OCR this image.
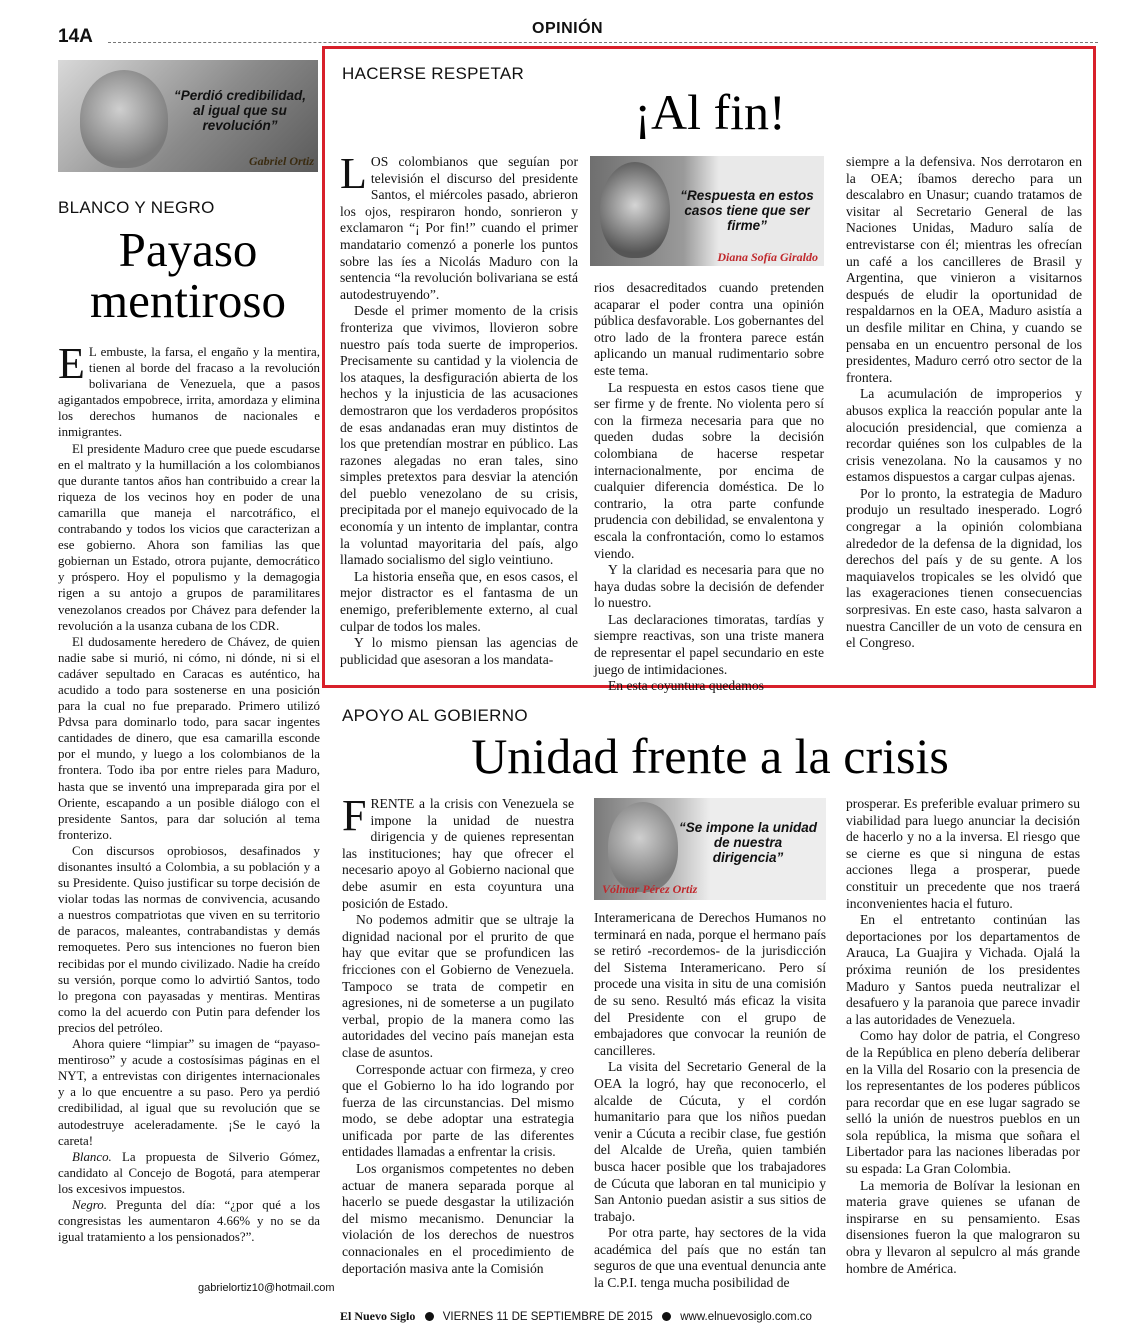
14A	OPINIÓN
“Perdió credibilidad, al igual que su revolución”
Gabriel Ortiz
BLANCO Y NEGRO
Payaso mentiroso
E L embuste, la farsa, el engaño y la mentira, tienen al borde del fracaso a la revolución bolivariana de Venezuela, que a pasos agigantados empobrece, irrita, amordaza y elimina los derechos humanos de nacionales e inmigrantes.

El presidente Maduro cree que puede escudarse en el maltrato y la humillación a los colombianos que durante tantos años han contribuido a crear la riqueza de los vecinos hoy en poder de una camarilla que maneja el narcotráfico, el contrabando y todos los vicios que caracterizan a ese gobierno. Ahora son familias las que gobiernan un Estado, otrora pujante, democrático y próspero. Hoy el populismo y la demagogia rigen a su antojo a grupos de paramilitares venezolanos creados por Chávez para defender la revolución a la usanza cubana de los CDR.

El dudosamente heredero de Chávez, de quien nadie sabe si murió, ni cómo, ni dónde, ni si el cadáver sepultado en Caracas es auténtico, ha acudido a todo para sostenerse en una posición para la cual no fue preparado. Primero utilizó Pdvsa para dominarlo todo, para sacar ingentes cantidades de dinero, que esa camarilla esconde por el mundo, y luego a los colombianos de la frontera. Todo iba por entre rieles para Maduro, hasta que se inventó una impreparada gira por el Oriente, escapando a un posible diálogo con el presidente Santos, para dar solución al tema fronterizo.

Con discursos oprobiosos, desafinados y disonantes insultó a Colombia, a su población y a su Presidente. Quiso justificar su torpe decisión de violar todas las normas de convivencia, acusando a nuestros compatriotas que viven en su territorio de paracos, maleantes, contrabandistas y demás remoquetes. Pero sus intenciones no fueron bien recibidas por el mundo civilizado. Nadie ha creído su versión, porque como lo advirtió Santos, todo lo pregona con payasadas y mentiras. Mentiras como la del acuerdo con Putin para defender los precios del petróleo.

Ahora quiere “limpiar” su imagen de “payaso-mentiroso” y acude a costosísimas páginas en el NYT, a entrevistas con dirigentes internacionales y a lo que encuentre a su paso. Pero ya perdió credibilidad, al igual que su revolución que se autodestruye aceleradamente. ¡Se le cayó la careta!

Blanco. La propuesta de Silverio Gómez, candidato al Concejo de Bogotá, para atemperar los excesivos impuestos.

Negro. Pregunta del día: “¿por qué a los congresistas les aumentaron 4.66% y no se da igual tratamiento a los pensionados?”.

gabrielortiz10@hotmail.com
HACERSE RESPETAR
¡Al fin!
“Respuesta en estos casos tiene que ser firme”
Diana Sofía Giraldo
L OS colombianos que seguían por televisión el discurso del presidente Santos, el miércoles pasado, abrieron los ojos, respiraron hondo, sonrieron y exclamaron “¡ Por fin!” cuando el primer mandatario comenzó a ponerle los puntos sobre las íes a Nicolás Maduro con la sentencia “la revolución bolivariana se está autodestruyendo”.

Desde el primer momento de la crisis fronteriza que vivimos, llovieron sobre nuestro país toda suerte de improperios. Precisamente su cantidad y la violencia de los ataques, la desfiguración abierta de los hechos y la injusticia de las acusaciones demostraron que los verdaderos propósitos de esas andanadas eran muy distintos de los que pretendían mostrar en público. Las razones alegadas no eran tales, sino simples pretextos para desviar la atención del pueblo venezolano de su crisis, precipitada por el manejo equivocado de la economía y un intento de implantar, contra la voluntad mayoritaria del país, algo llamado socialismo del siglo veintiuno.

La historia enseña que, en esos casos, el mejor distractor es el fantasma de un enemigo, preferiblemente externo, al cual culpar de todos los males.

Y lo mismo piensan las agencias de publicidad que asesoran a los mandata-

rios desacreditados cuando pretenden acaparar el poder contra una opinión pública desfavorable. Los gobernantes del otro lado de la frontera parece están aplicando un manual rudimentario sobre este tema.

La respuesta en estos casos tiene que ser firme y de frente. No violenta pero sí con la firmeza necesaria para que no queden dudas sobre la decisión colombiana de hacerse respetar internacionalmente, por encima de cualquier diferencia doméstica. De lo contrario, la otra parte confunde prudencia con debilidad, se envalentona y escala la confrontación, como lo estamos viendo.

Y la claridad es necesaria para que no haya dudas sobre la decisión de defender lo nuestro.

Las declaraciones timoratas, tardías y siempre reactivas, son una triste manera de representar el papel secundario en este juego de intimidaciones.

En esta coyuntura quedamos

siempre a la defensiva. Nos derrotaron en la OEA; íbamos derecho para un descalabro en Unasur; cuando tratamos de visitar al Secretario General de las Naciones Unidas, Maduro salía de entrevistarse con él; mientras les ofrecían un café a los cancilleres de Brasil y Argentina, que vinieron a visitarnos después de eludir la oportunidad de respaldarnos en la OEA, Maduro asistía a un desfile militar en China, y cuando se pensaba en un encuentro personal de los presidentes, Maduro cerró otro sector de la frontera.

La acumulación de improperios y abusos explica la reacción popular ante la alocución presidencial, que comienza a recordar quiénes son los culpables de la crisis venezolana. No la causamos y no estamos dispuestos a cargar culpas ajenas.

Por lo pronto, la estrategia de Maduro produjo un resultado inesperado. Logró congregar a la opinión colombiana alrededor de la defensa de la dignidad, los derechos del país y de su gente. A los maquiavelos tropicales se les olvidó que las exageraciones tienen consecuencias sorpresivas. En este caso, hasta salvaron a nuestra Canciller de un voto de censura en el Congreso.

APOYO AL GOBIERNO
Unidad frente a la crisis
“Se impone la unidad de nuestra dirigencia”
Vólmar Pérez Ortiz
F RENTE a la crisis con Venezuela se impone la unidad de nuestra dirigencia y de quienes representan las instituciones; hay que ofrecer el necesario apoyo al Gobierno nacional que debe asumir en esta coyuntura una posición de Estado.

No podemos admitir que se ultraje la dignidad nacional por el prurito de que hay que evitar que se profundicen las fricciones con el Gobierno de Venezuela. Tampoco se trata de competir en agresiones, ni de someterse a un pugilato verbal, propio de la manera como las autoridades del vecino país manejan esta clase de asuntos.

Corresponde actuar con firmeza, y creo que el Gobierno lo ha ido logrando por fuerza de las circunstancias. Del mismo modo, se debe adoptar una estrategia unificada por parte de las diferentes entidades llamadas a enfrentar la crisis.

Los organismos competentes no deben actuar de manera separada porque al hacerlo se puede desgastar la utilización del mismo mecanismo. Denunciar la violación de los derechos de nuestros connacionales en el procedimiento de deportación masiva ante la Comisión

Interamericana de Derechos Humanos no terminará en nada, porque el hermano país se retiró -recordemos- de la jurisdicción del Sistema Interamericano. Pero sí procede una visita in situ de una comisión de su seno. Resultó más eficaz la visita del Presidente con el grupo de embajadores que convocar la reunión de cancilleres.

La visita del Secretario General de la OEA la logró, hay que reconocerlo, el alcalde de Cúcuta, y el cordón humanitario para que los niños puedan venir a Cúcuta a recibir clase, fue gestión del Alcalde de Ureña, quien también busca hacer posible que los trabajadores de Cúcuta que laboran en tal municipio y San Antonio puedan asistir a sus sitios de trabajo.

Por otra parte, hay sectores de la vida académica del país que no están tan seguros de que una eventual denuncia ante la C.P.I. tenga mucha posibilidad de

prosperar. Es preferible evaluar primero su viabilidad para luego anunciar la decisión de hacerlo y no a la inversa. El riesgo que se cierne es que si ninguna de estas acciones llega a prosperar, puede constituir un precedente que nos traerá inconvenientes hacia el futuro.

En el entretanto continúan las deportaciones por los departamentos de Arauca, La Guajira y Vichada. Ojalá la próxima reunión de los presidentes Maduro y Santos pueda neutralizar el desafuero y la paranoia que parece invadir a las autoridades de Venezuela.

Como hay dolor de patria, el Congreso de la República en pleno debería deliberar en la Villa del Rosario con la presencia de los representantes de los poderes públicos para recordar que en ese lugar sagrado se selló la unión de nuestros pueblos en un sola república, la misma que soñara el Libertador para las naciones liberadas por su espada: La Gran Colombia.

La memoria de Bolívar la lesionan en materia grave quienes se ufanan de inspirarse en su pensamiento. Esas disensiones fueron la que malograron su obra y llevaron al sepulcro al más grande hombre de América.

El Nuevo Siglo VIERNES 11 DE SEPTIEMBRE DE 2015 www.elnuevosiglo.com.co
